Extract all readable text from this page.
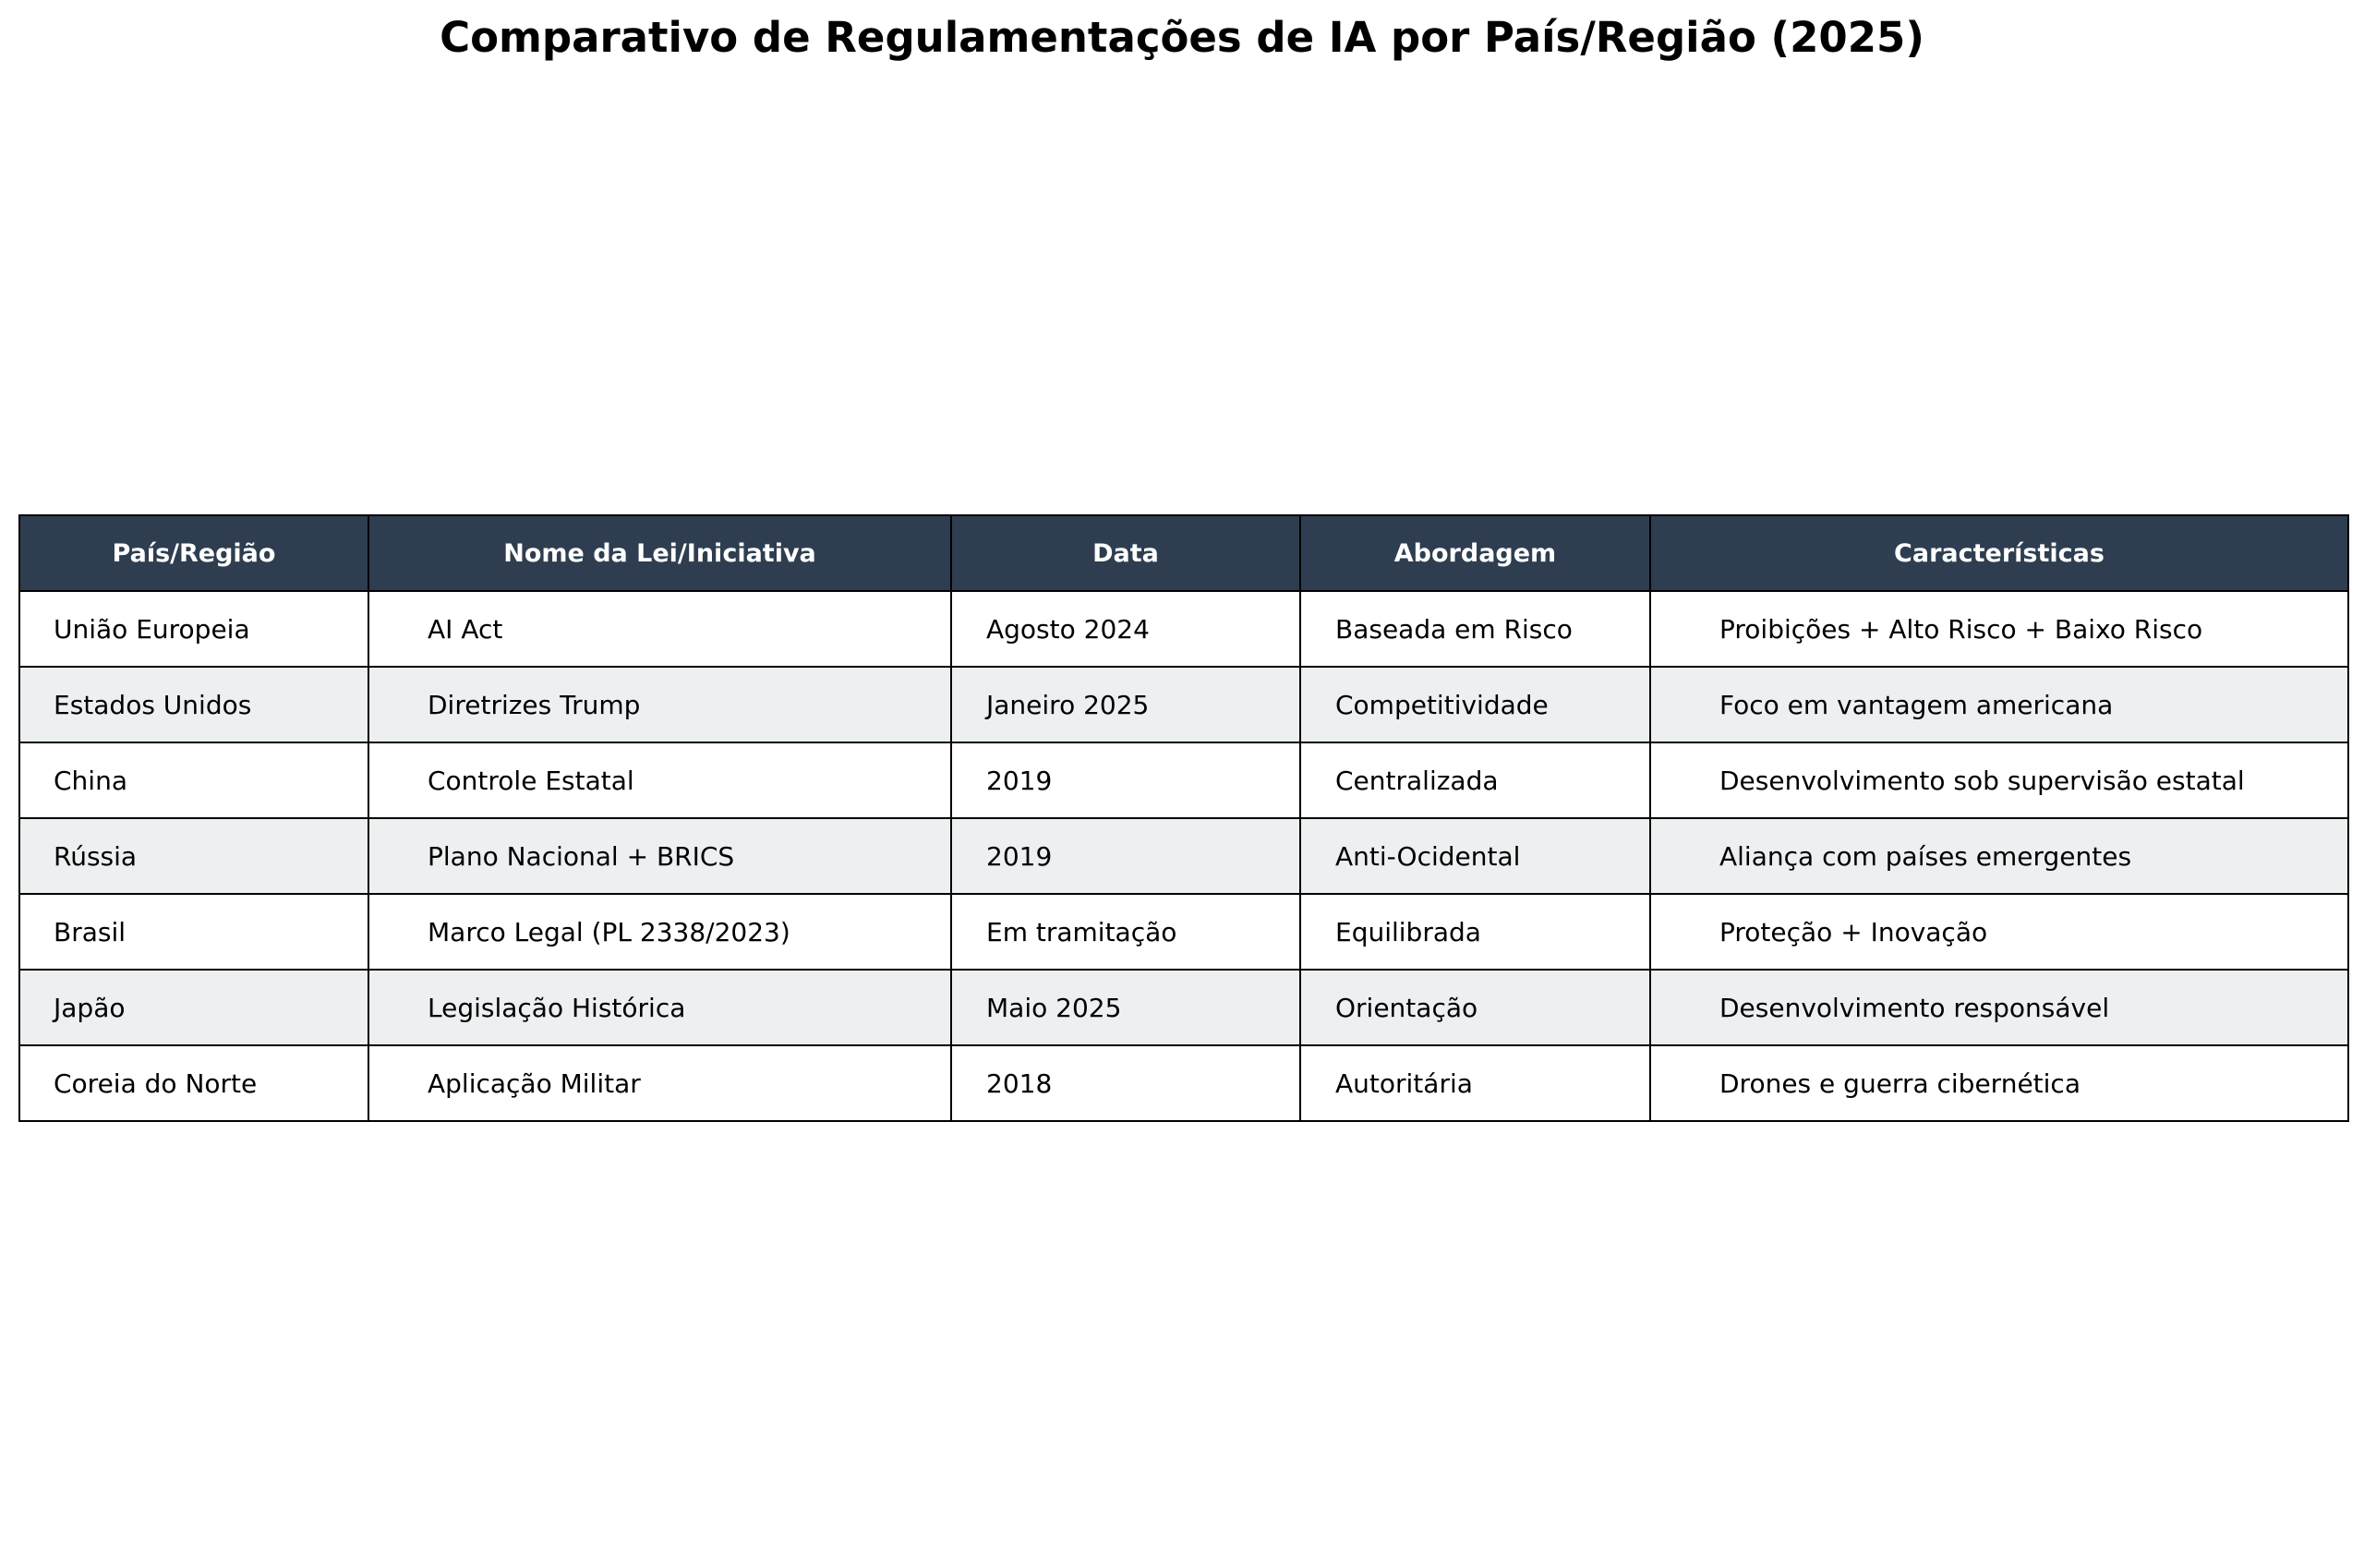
Comparativo de Regulamentações de IA por País/Região (2025)
País/Região	Nome da Lei/Iniciativa	Data	Abordagem	Características
União Europeia	AI Act	Agosto 2024	Baseada em Risco	Proibições + Alto Risco + Baixo Risco
Estados Unidos	Diretrizes Trump	Janeiro 2025	Competitividade	Foco em vantagem americana
China	Controle Estatal	2019	Centralizada	Desenvolvimento sob supervisão estatal
Rússia	Plano Nacional + BRICS	2019	Anti-Ocidental	Aliança com países emergentes
Brasil	Marco Legal (PL 2338/2023)	Em tramitação	Equilibrada	Proteção + Inovação
Japão	Legislação Histórica	Maio 2025	Orientação	Desenvolvimento responsável
Coreia do Norte	Aplicação Militar	2018	Autoritária	Drones e guerra cibernética
